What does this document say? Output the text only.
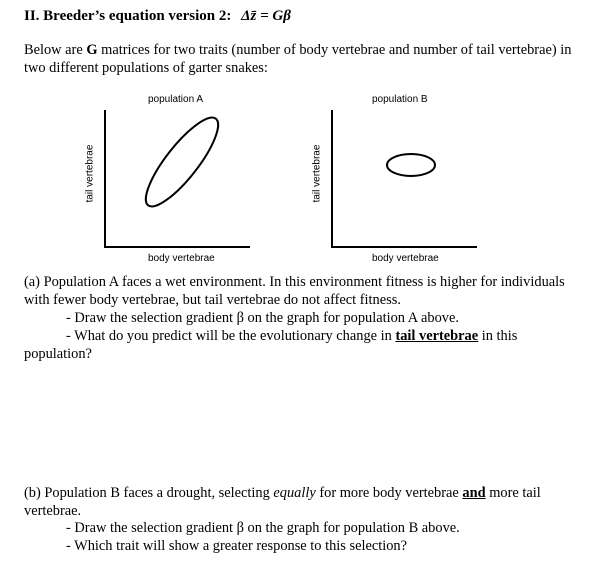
II. Breeder’s equation version 2: Δz̄ = Gβ
Below are G matrices for two traits (number of body vertebrae and number of tail vertebrae) in two different populations of garter snakes:
population A
tail vertebrae
body vertebrae
population B
tail vertebrae
body vertebrae
(a) Population A faces a wet environment. In this environment fitness is higher for individuals with fewer body vertebrae, but tail vertebrae do not affect fitness.
- Draw the selection gradient β on the graph for population A above.
- What do you predict will be the evolutionary change in tail vertebrae in this
population?
(b) Population B faces a drought, selecting equally for more body vertebrae and more tail vertebrae.
- Draw the selection gradient β on the graph for population B above.
- Which trait will show a greater response to this selection?
